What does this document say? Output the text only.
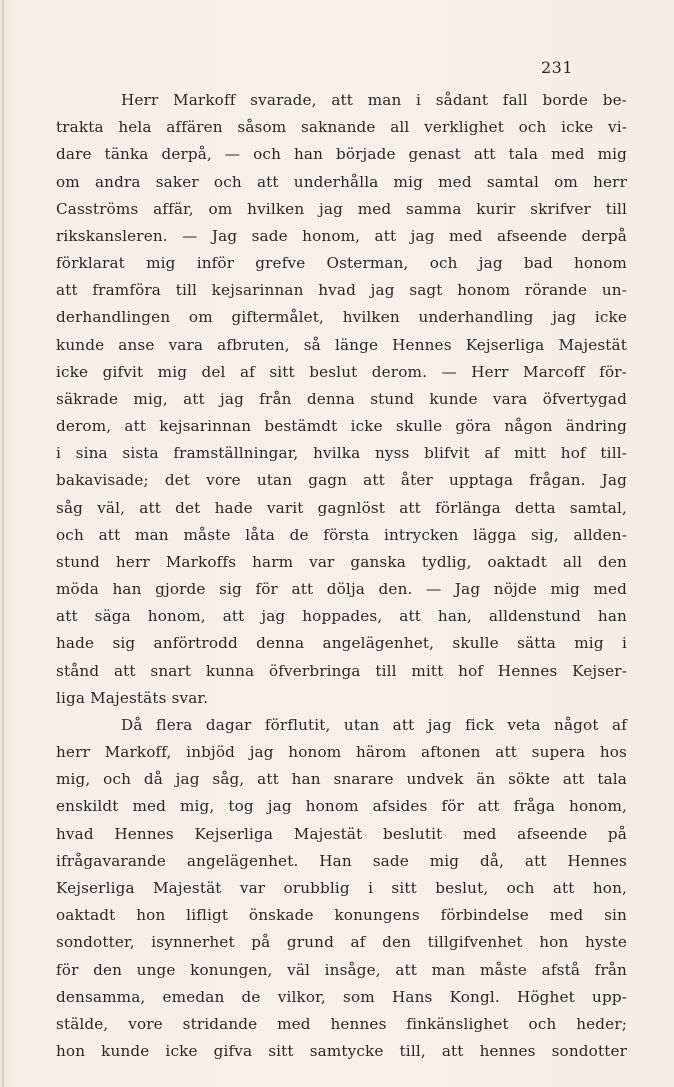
231
Herr Markoff svarade, att man i sådant fall borde be-
trakta hela affären såsom saknande all verklighet och icke vi-
dare tänka derpå, — och han började genast att tala med mig
om andra saker och att underhålla mig med samtal om herr
Casströms affär, om hvilken jag med samma kurir skrifver till
rikskansleren. — Jag sade honom, att jag med afseende derpå
förklarat mig inför grefve Osterman, och jag bad honom
att framföra till kejsarinnan hvad jag sagt honom rörande un-
derhandlingen om giftermålet, hvilken underhandling jag icke
kunde anse vara afbruten, så länge Hennes Kejserliga Majestät
icke gifvit mig del af sitt beslut derom. — Herr Marcoff för-
säkrade mig, att jag från denna stund kunde vara öfvertygad
derom, att kejsarinnan bestämdt icke skulle göra någon ändring
i sina sista framställningar, hvilka nyss blifvit af mitt hof till-
bakavisade; det vore utan gagn att åter upptaga frågan. Jag
såg väl, att det hade varit gagnlöst att förlänga detta samtal,
och att man måste låta de första intrycken lägga sig, allden-
stund herr Markoffs harm var ganska tydlig, oaktadt all den
möda han gjorde sig för att dölja den. — Jag nöjde mig med
att säga honom, att jag hoppades, att han, alldenstund han
hade sig anförtrodd denna angelägenhet, skulle sätta mig i
stånd att snart kunna öfverbringa till mitt hof Hennes Kejser-
liga Majestäts svar.
Då flera dagar förflutit, utan att jag fick veta något af
herr Markoff, inbjöd jag honom härom aftonen att supera hos
mig, och då jag såg, att han snarare undvek än sökte att tala
enskildt med mig, tog jag honom afsides för att fråga honom,
hvad Hennes Kejserliga Majestät beslutit med afseende på
ifrågavarande angelägenhet. Han sade mig då, att Hennes
Kejserliga Majestät var orubblig i sitt beslut, och att hon,
oaktadt hon lifligt önskade konungens förbindelse med sin
sondotter, isynnerhet på grund af den tillgifvenhet hon hyste
för den unge konungen, väl insåge, att man måste afstå från
densamma, emedan de vilkor, som Hans Kongl. Höghet upp-
stälde, vore stridande med hennes finkänslighet och heder;
hon kunde icke gifva sitt samtycke till, att hennes sondotter
